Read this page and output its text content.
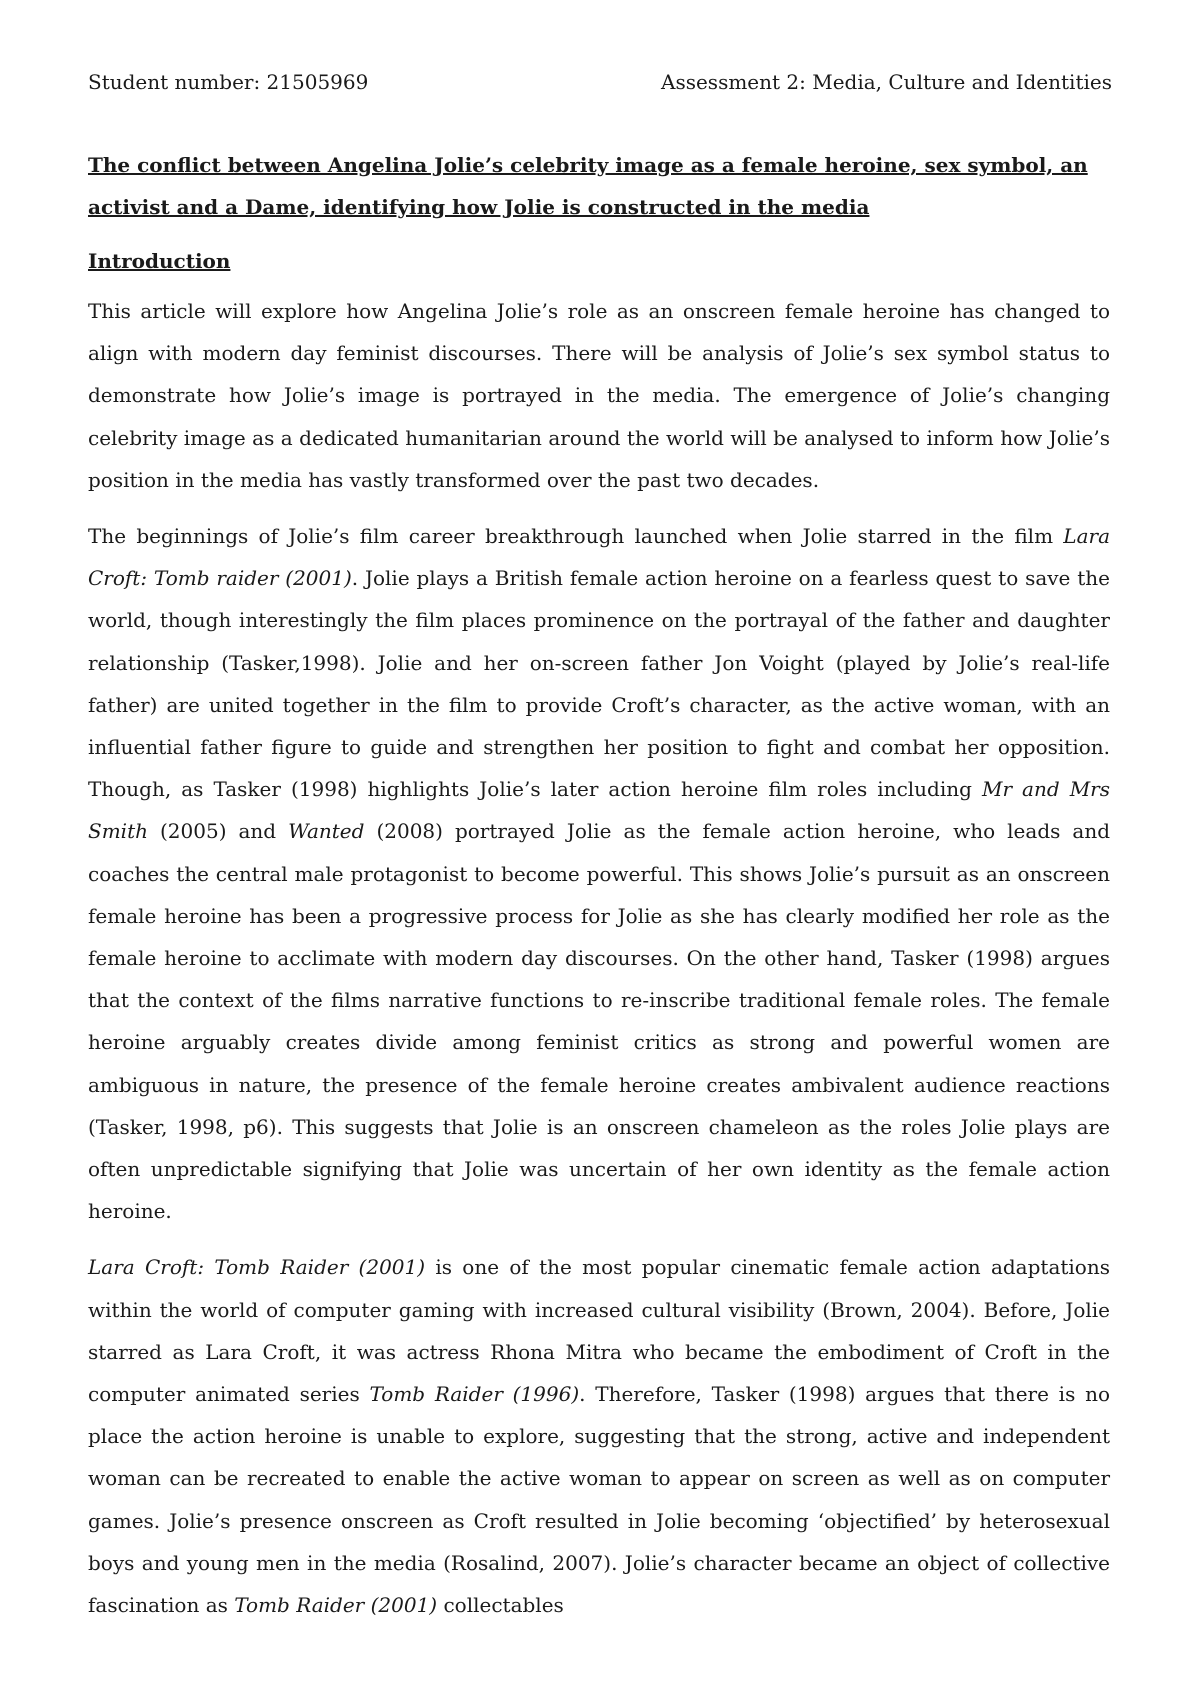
Student number: 21505969	Assessment 2: Media, Culture and Identities

The conflict between Angelina Jolie’s celebrity image as a female heroine, sex symbol, an activist and a Dame, identifying how Jolie is constructed in the media

Introduction

This article will explore how Angelina Jolie’s role as an onscreen female heroine has changed to align with modern day feminist discourses. There will be analysis of Jolie’s sex symbol status to demonstrate how Jolie’s image is portrayed in the media. The emergence of Jolie’s changing celebrity image as a dedicated humanitarian around the world will be analysed to inform how Jolie’s position in the media has vastly transformed over the past two decades.

The beginnings of Jolie’s film career breakthrough launched when Jolie starred in the film Lara Croft: Tomb raider (2001). Jolie plays a British female action heroine on a fearless quest to save the world, though interestingly the film places prominence on the portrayal of the father and daughter relationship (Tasker,1998). Jolie and her on-screen father Jon Voight (played by Jolie’s real-life father) are united together in the film to provide Croft’s character, as the active woman, with an influential father figure to guide and strengthen her position to fight and combat her opposition. Though, as Tasker (1998) highlights Jolie’s later action heroine film roles including Mr and Mrs Smith (2005) and Wanted (2008) portrayed Jolie as the female action heroine, who leads and coaches the central male protagonist to become powerful. This shows Jolie’s pursuit as an onscreen female heroine has been a progressive process for Jolie as she has clearly modified her role as the female heroine to acclimate with modern day discourses. On the other hand, Tasker (1998) argues that the context of the films narrative functions to re-inscribe traditional female roles. The female heroine arguably creates divide among feminist critics as strong and powerful women are ambiguous in nature, the presence of the female heroine creates ambivalent audience reactions (Tasker, 1998, p6). This suggests that Jolie is an onscreen chameleon as the roles Jolie plays are often unpredictable signifying that Jolie was uncertain of her own identity as the female action heroine.

Lara Croft: Tomb Raider (2001) is one of the most popular cinematic female action adaptations within the world of computer gaming with increased cultural visibility (Brown, 2004). Before, Jolie starred as Lara Croft, it was actress Rhona Mitra who became the embodiment of Croft in the computer animated series Tomb Raider (1996). Therefore, Tasker (1998) argues that there is no place the action heroine is unable to explore, suggesting that the strong, active and independent woman can be recreated to enable the active woman to appear on screen as well as on computer games. Jolie’s presence onscreen as Croft resulted in Jolie becoming ‘objectified’ by heterosexual boys and young men in the media (Rosalind, 2007). Jolie’s character became an object of collective fascination as Tomb Raider (2001) collectables
